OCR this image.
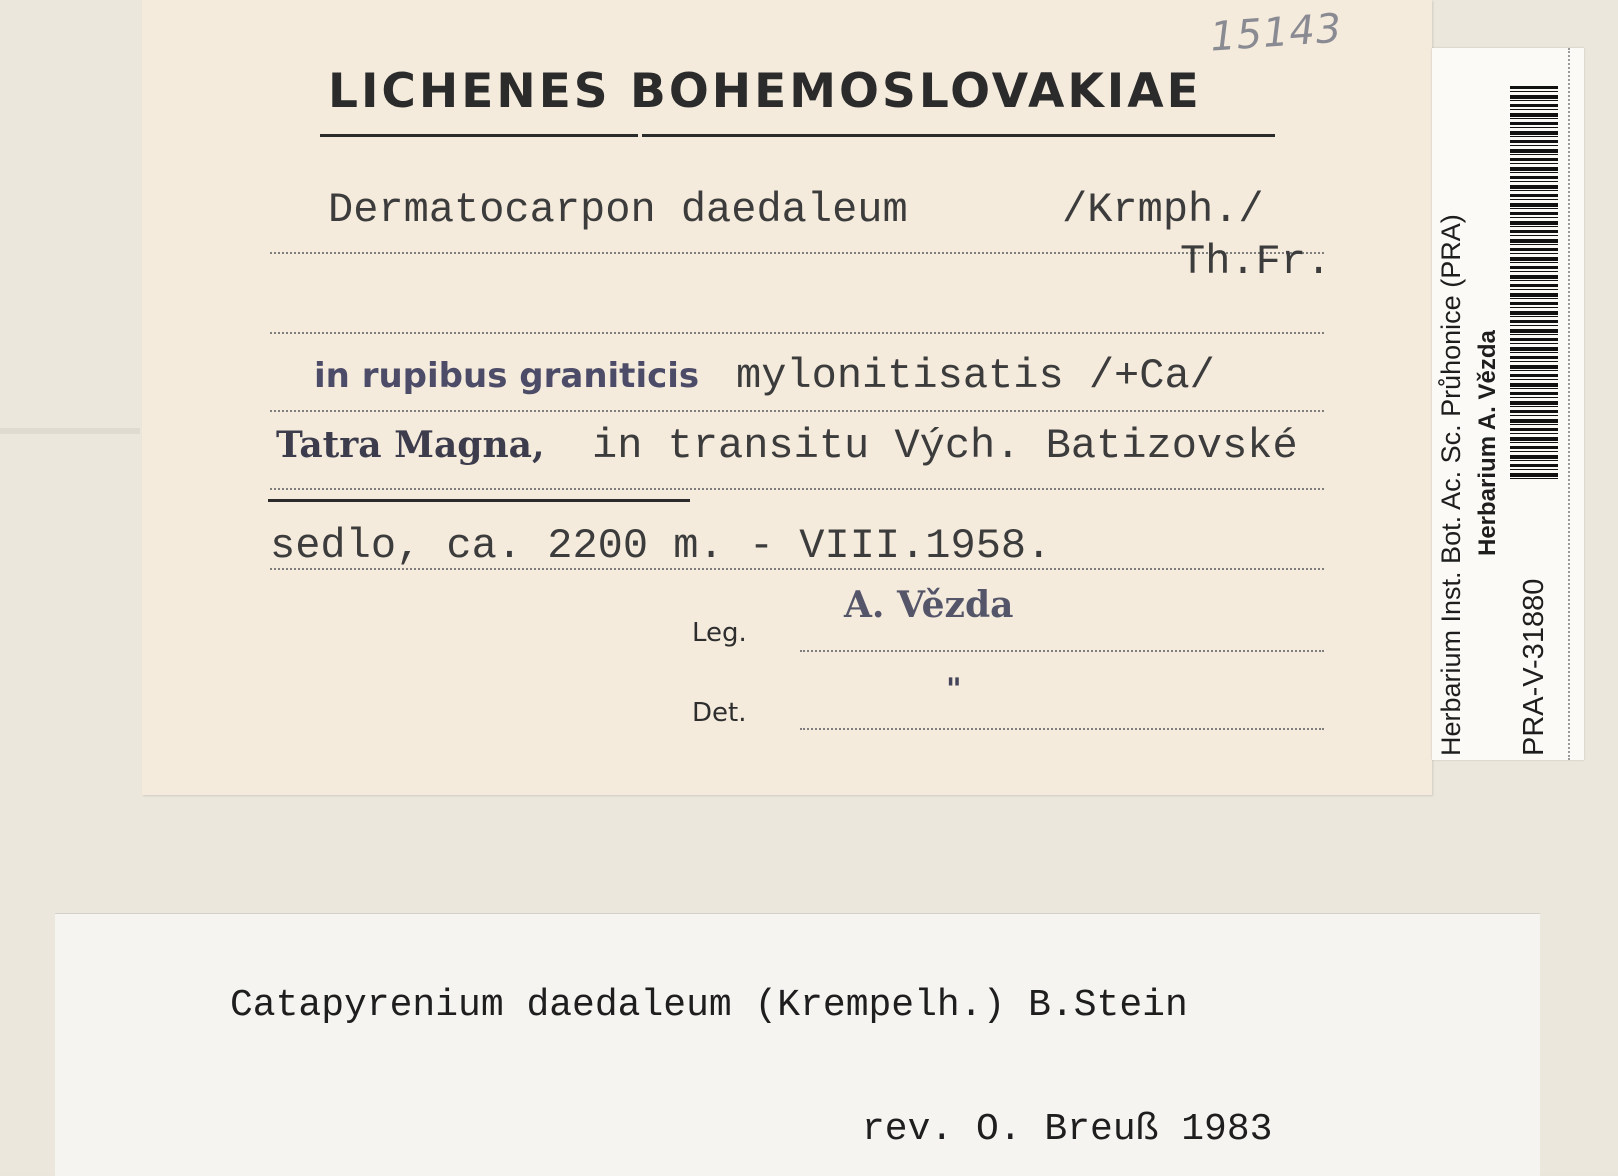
15143
LICHENES BOHEMOSLOVAKIAE
Dermatocarpon daedaleum	/Krmph./
Th.Fr.
in rupibus graniticis mylonitisatis /+Ca/
Tatra Magna, in transitu Vých. Batizovské
sedlo, ca. 2200 m. - VIII.1958.
A. Vězda
Leg.
"
Det.	Herbarium Inst. Bot. Ac. Sc. Průhonice (PRA) Herbarium A. Vězda
PRA-V-31880
Catapyrenium daedaleum (Krempelh.) B.Stein
rev. O. Breuß 1983
